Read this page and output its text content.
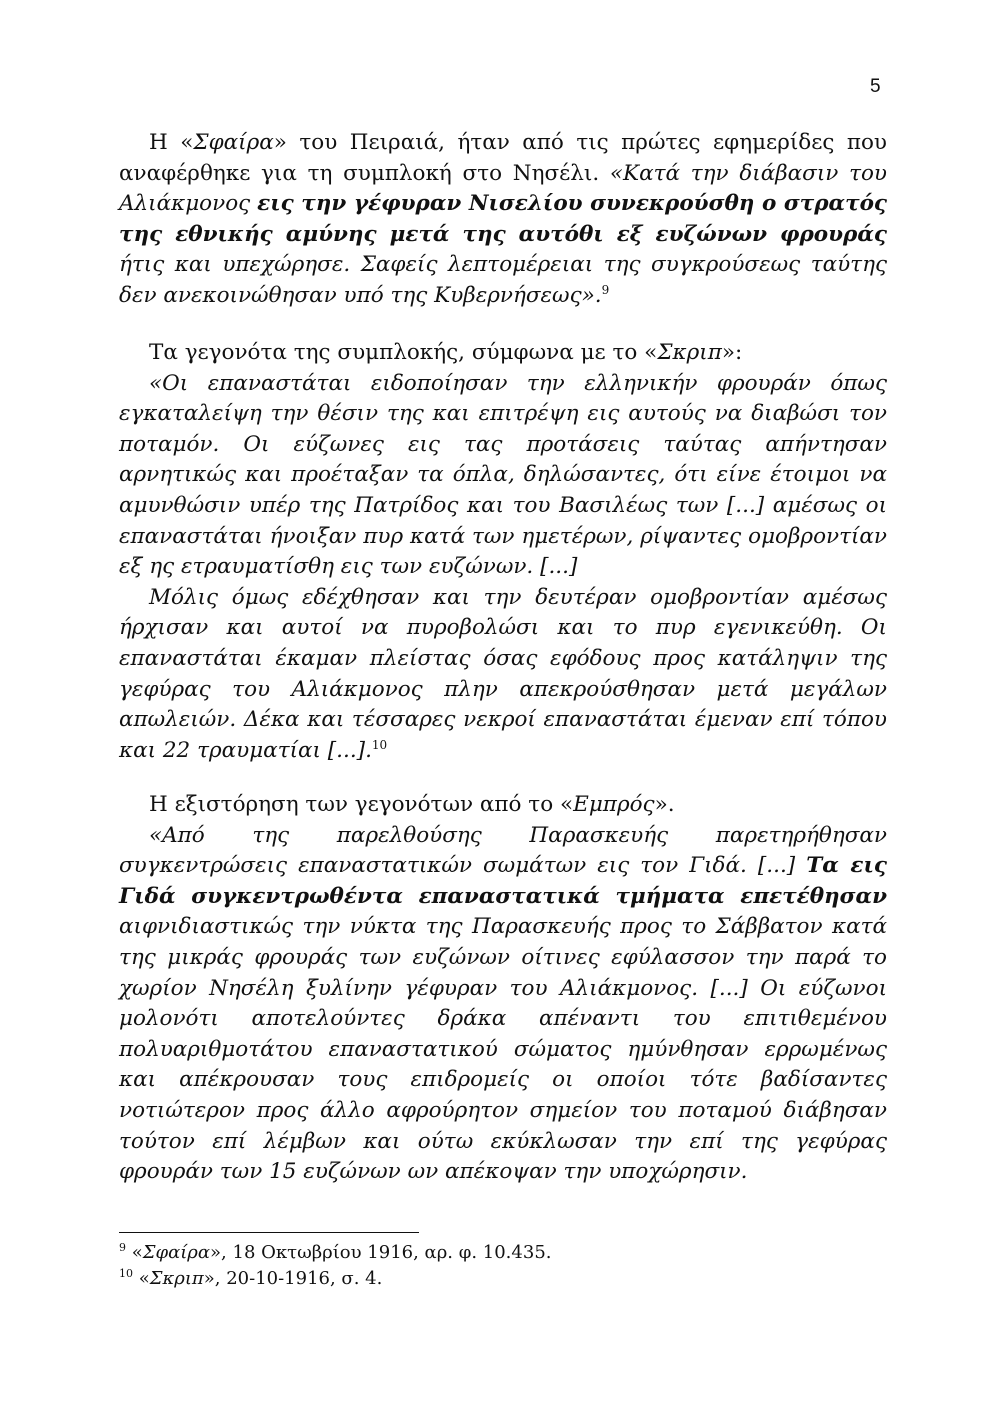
5

Η «Σφαίρα» του Πειραιά, ήταν από τις πρώτες εφημερίδες που αναφέρθηκε για τη συμπλοκή στο Νησέλι. «Κατά την διάβασιν του Αλιάκμονος εις την γέφυραν Νισελίου συνεκρούσθη ο στρατός της εθνικής αμύνης μετά της αυτόθι εξ ευζώνων φρουράς ήτις και υπεχώρησε. Σαφείς λεπτομέρειαι της συγκρούσεως ταύτης δεν ανεκοινώθησαν υπό της Κυβερνήσεως».$^9$

Τα γεγονότα της συμπλοκής, σύμφωνα με το «Σκριπ»:

«Οι επαναστάται ειδοποίησαν την ελληνικήν φρουράν όπως εγκαταλείψη την θέσιν της και επιτρέψη εις αυτούς να διαβώσι τον ποταμόν. Οι εύζωνες εις τας προτάσεις ταύτας απήντησαν αρνητικώς και προέταξαν τα όπλα, δηλώσαντες, ότι είνε έτοιμοι να αμυνθώσιν υπέρ της Πατρίδος και του Βασιλέως των [...] αμέσως οι επαναστάται ήνοιξαν πυρ κατά των ημετέρων, ρίψαντες ομοβροντίαν εξ ης ετραυματίσθη εις των ευζώνων. [...]

Μόλις όμως εδέχθησαν και την δευτέραν ομοβροντίαν αμέσως ήρχισαν και αυτοί να πυροβολώσι και το πυρ εγενικεύθη. Οι επαναστάται έκαμαν πλείστας όσας εφόδους προς κατάληψιν της γεφύρας του Αλιάκμονος πλην απεκρούσθησαν μετά μεγάλων απωλειών. Δέκα και τέσσαρες νεκροί επαναστάται έμεναν επί τόπου και 22 τραυματίαι [...].$^{10}$

Η εξιστόρηση των γεγονότων από το «Εμπρός».

«Από της παρελθούσης Παρασκευής παρετηρήθησαν συγκεντρώσεις επαναστατικών σωμάτων εις τον Γιδά. [...] Τα εις Γιδά συγκεντρωθέντα επαναστατικά τμήματα επετέθησαν αιφνιδιαστικώς την νύκτα της Παρασκευής προς το Σάββατον κατά της μικράς φρουράς των ευζώνων οίτινες εφύλασσον την παρά το χωρίον Νησέλη ξυλίνην γέφυραν του Αλιάκμονος. [...] Οι εύζωνοι μολονότι αποτελούντες δράκα απέναντι του επιτιθεμένου πολυαριθμοτάτου επαναστατικού σώματος ημύνθησαν ερρωμένως και απέκρουσαν τους επιδρομείς οι οποίοι τότε βαδίσαντες νοτιώτερον προς άλλο αφρούρητον σημείον του ποταμού διάβησαν τούτον επί λέμβων και ούτω εκύκλωσαν την επί της γεφύρας φρουράν των 15 ευζώνων ων απέκοψαν την υποχώρησιν.

$^9$ «Σφαίρα», 18 Οκτωβρίου 1916, αρ. φ. 10.435.
$^{10}$ «Σκριπ», 20-10-1916, σ. 4.
